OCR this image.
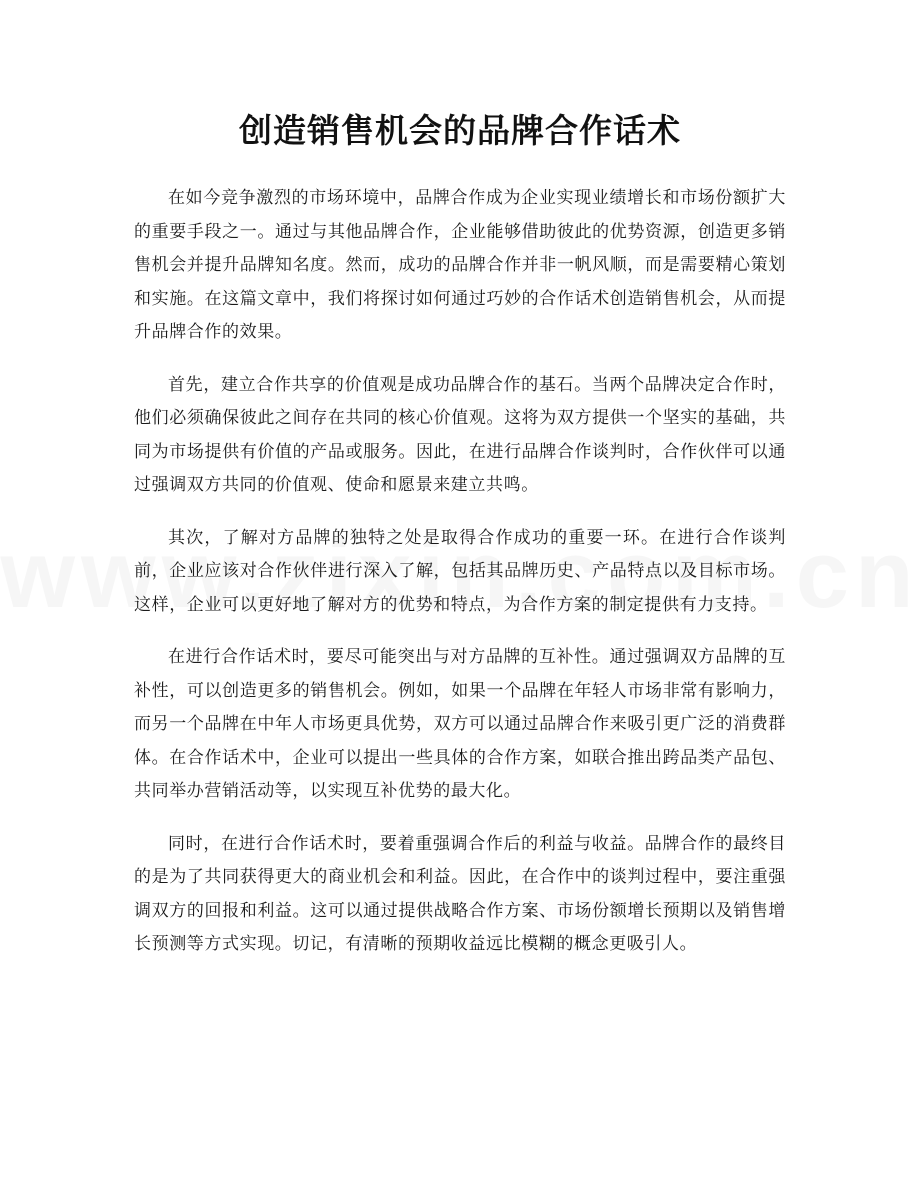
创造销售机会的品牌合作话术

在如今竞争激烈的市场环境中，品牌合作成为企业实现业绩增长和市场份额扩大的重要手段之一。通过与其他品牌合作，企业能够借助彼此的优势资源，创造更多销售机会并提升品牌知名度。然而，成功的品牌合作并非一帆风顺，而是需要精心策划和实施。在这篇文章中，我们将探讨如何通过巧妙的合作话术创造销售机会，从而提升品牌合作的效果。

首先，建立合作共享的价值观是成功品牌合作的基石。当两个品牌决定合作时，他们必须确保彼此之间存在共同的核心价值观。这将为双方提供一个坚实的基础，共同为市场提供有价值的产品或服务。因此，在进行品牌合作谈判时，合作伙伴可以通过强调双方共同的价值观、使命和愿景来建立共鸣。

其次，了解对方品牌的独特之处是取得合作成功的重要一环。在进行合作谈判前，企业应该对合作伙伴进行深入了解，包括其品牌历史、产品特点以及目标市场。这样，企业可以更好地了解对方的优势和特点，为合作方案的制定提供有力支持。

在进行合作话术时，要尽可能突出与对方品牌的互补性。通过强调双方品牌的互补性，可以创造更多的销售机会。例如，如果一个品牌在年轻人市场非常有影响力，而另一个品牌在中年人市场更具优势，双方可以通过品牌合作来吸引更广泛的消费群体。在合作话术中，企业可以提出一些具体的合作方案，如联合推出跨品类产品包、共同举办营销活动等，以实现互补优势的最大化。

同时，在进行合作话术时，要着重强调合作后的利益与收益。品牌合作的最终目的是为了共同获得更大的商业机会和利益。因此，在合作中的谈判过程中，要注重强调双方的回报和利益。这可以通过提供战略合作方案、市场份额增长预期以及销售增长预测等方式实现。切记，有清晰的预期收益远比模糊的概念更吸引人。
